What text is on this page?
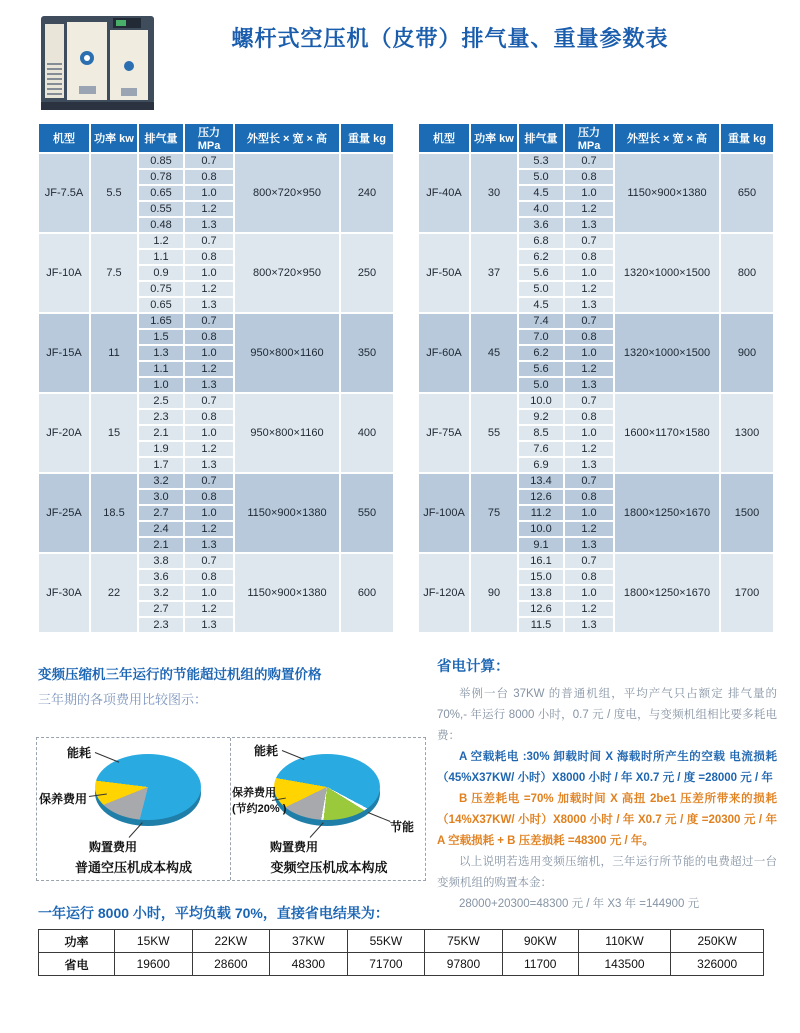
螺杆式空压机（皮带）排气量、重量参数表
机型	功率 kw	排气量	压力 MPa	外型长 × 宽 × 高	重量 kg
JF-7.5A	5.5	0.85	0.7	800×720×950	240
		0.78	0.8		
		0.65	1.0		
		0.55	1.2		
		0.48	1.3		
JF-10A	7.5	1.2	0.7	800×720×950	250
		1.1	0.8		
		0.9	1.0		
		0.75	1.2		
		0.65	1.3		
JF-15A	11	1.65	0.7	950×800×1160	350
		1.5	0.8		
		1.3	1.0		
		1.1	1.2		
		1.0	1.3		
JF-20A	15	2.5	0.7	950×800×1160	400
		2.3	0.8		
		2.1	1.0		
		1.9	1.2		
		1.7	1.3		
JF-25A	18.5	3.2	0.7	1150×900×1380	550
		3.0	0.8		
		2.7	1.0		
		2.4	1.2		
		2.1	1.3		
JF-30A	22	3.8	0.7	1150×900×1380	600
		3.6	0.8		
		3.2	1.0		
		2.7	1.2		
		2.3	1.3		
机型	功率 kw	排气量	压力 MPa	外型长 × 宽 × 高	重量 kg
JF-40A	30	5.3	0.7	1150×900×1380	650
		5.0	0.8		
		4.5	1.0		
		4.0	1.2		
		3.6	1.3		
JF-50A	37	6.8	0.7	1320×1000×1500	800
		6.2	0.8		
		5.6	1.0		
		5.0	1.2		
		4.5	1.3		
JF-60A	45	7.4	0.7	1320×1000×1500	900
		7.0	0.8		
		6.2	1.0		
		5.6	1.2		
		5.0	1.3		
JF-75A	55	10.0	0.7	1600×1170×1580	1300
		9.2	0.8		
		8.5	1.0		
		7.6	1.2		
		6.9	1.3		
JF-100A	75	13.4	0.7	1800×1250×1670	1500
		12.6	0.8		
		11.2	1.0		
		10.0	1.2		
		9.1	1.3		
JF-120A	90	16.1	0.7	1800×1250×1670	1700
		15.0	0.8		
		13.8	1.0		
		12.6	1.2		
		11.5	1.3		
变频压缩机三年运行的节能超过机组的购置价格
三年期的各项费用比较图示：
能耗
保养费用
购置费用
普通空压机成本构成
能耗
保养费用
(节约20% )
购置费用
节能
变频空压机成本构成
省电计算：
举例一台 37KW 的普通机组，平均产气只占额定 排气量的 70%,- 年运行 8000 小时，0.7 元 / 度电，与变频机组相比要多耗电费：
A 空载耗电 :30% 卸载时间 X 海载时所产生的空载 电流损耗（45%X37KW/ 小时）X8000 小时 / 年 X0.7 元 / 度 =28000 元 / 年
B 压差耗电 =70% 加载时间 X 高扭 2be1 压差所带来的损耗（14%X37KW/ 小时）X8000 小时 / 年 X0.7 元 / 度 =20300 元 / 年 A 空载损耗 + B 压差损耗 =48300 元 / 年。
以上说明若选用变频压缩机，三年运行所节能的电费超过一台变频机组的购置本金：
28000+20300=48300 元 / 年 X3 年 =144900 元
一年运行 8000 小时，平均负载 70%，直接省电结果为：
功率	15KW	22KW	37KW	55KW	75KW	90KW	110KW	250KW
省电	19600	28600	48300	71700	97800	11700	143500	326000
